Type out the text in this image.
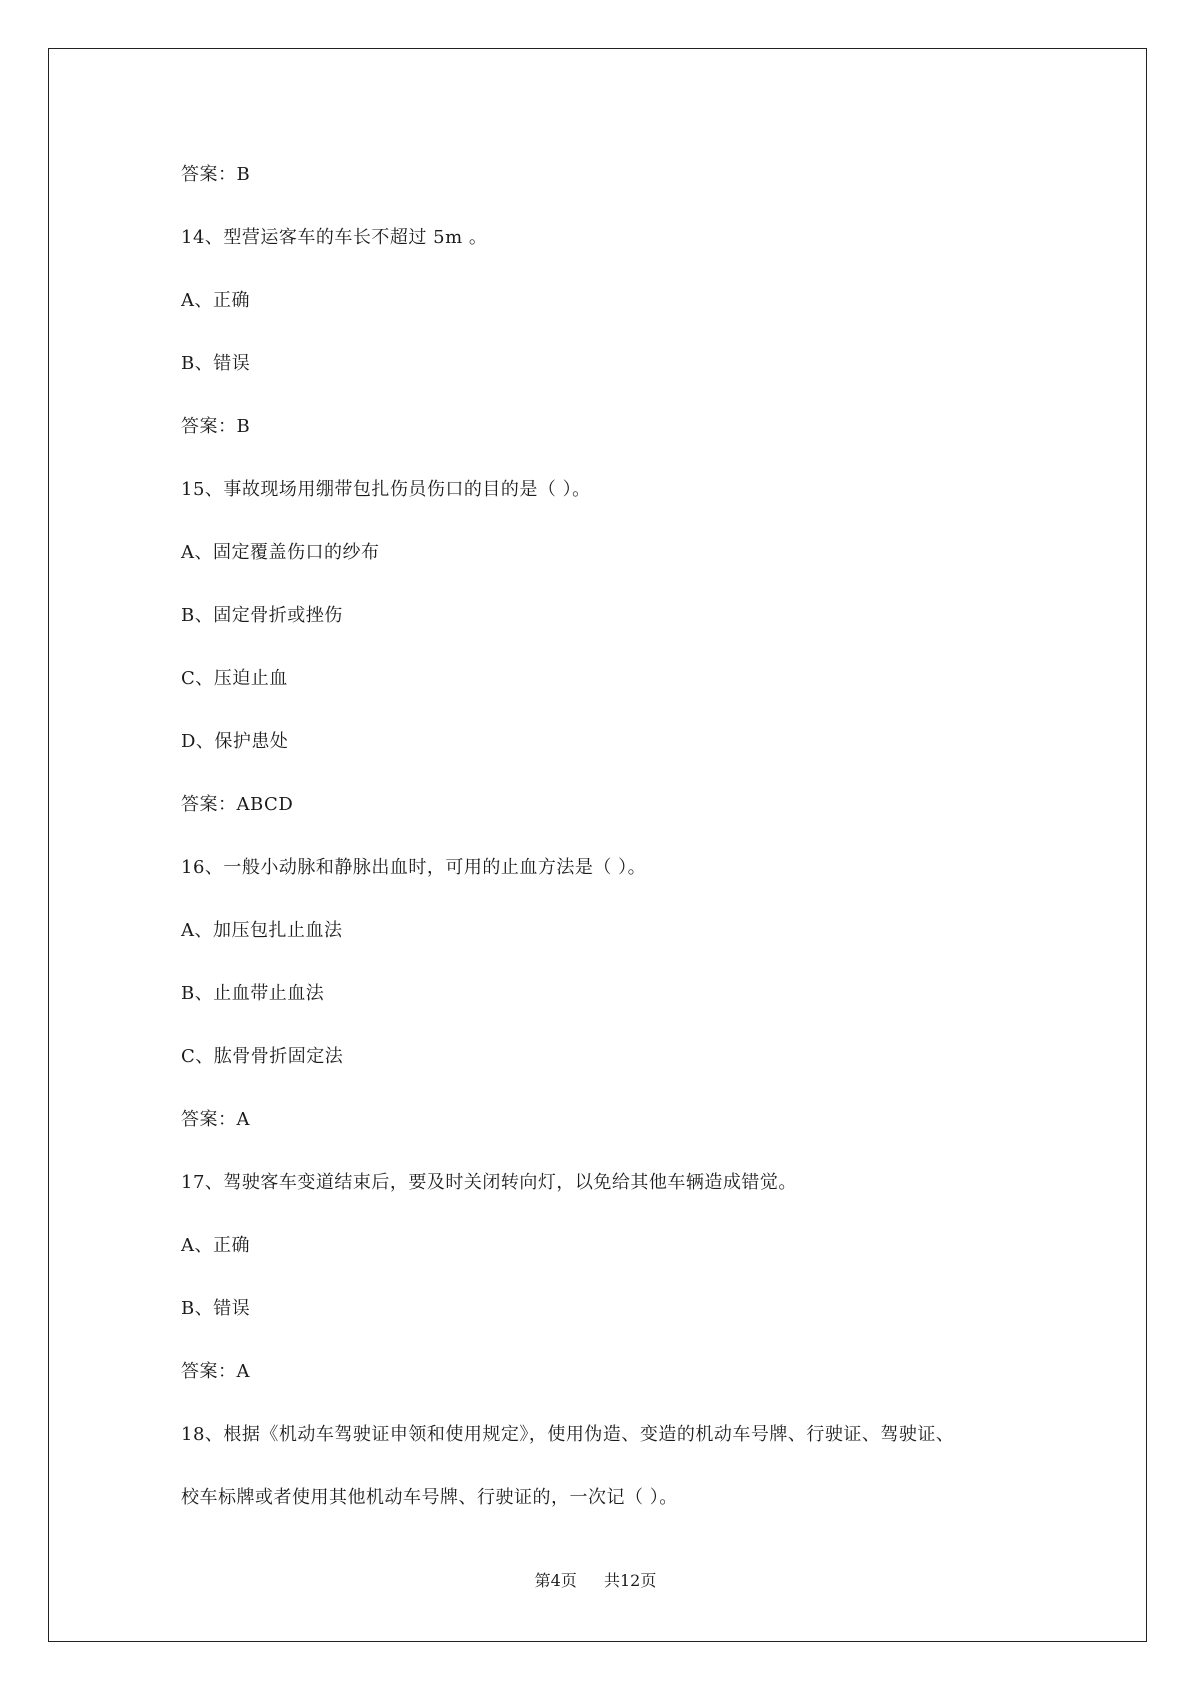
答案：B
14、型营运客车的车长不超过 5m 。
A、正确
B、错误
答案：B
15、事故现场用绷带包扎伤员伤口的目的是（ ）。
A、固定覆盖伤口的纱布
B、固定骨折或挫伤
C、压迫止血
D、保护患处
答案：ABCD
16、一般小动脉和静脉出血时，可用的止血方法是（ ）。
A、加压包扎止血法
B、止血带止血法
C、肱骨骨折固定法
答案：A
17、驾驶客车变道结束后，要及时关闭转向灯，以免给其他车辆造成错觉。
A、正确
B、错误
答案：A
18、根据《机动车驾驶证申领和使用规定》，使用伪造、变造的机动车号牌、行驶证、驾驶证、
校车标牌或者使用其他机动车号牌、行驶证的，一次记（ ）。
第4页 共12页
